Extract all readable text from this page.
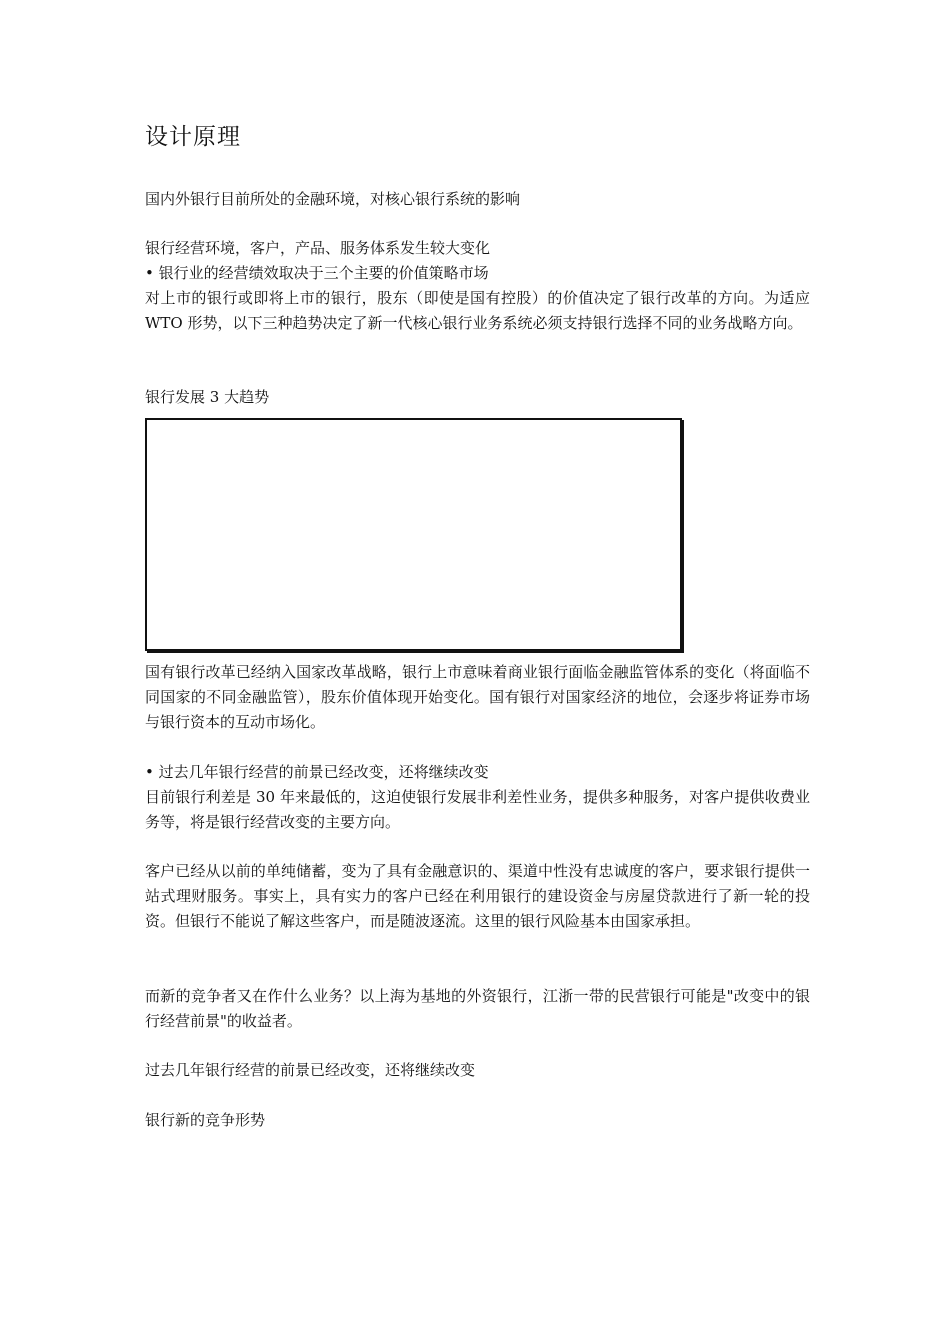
设计原理

国内外银行目前所处的金融环境，对核心银行系统的影响

银行经营环境，客户，产品、服务体系发生较大变化

• 银行业的经营绩效取决于三个主要的价值策略市场

对上市的银行或即将上市的银行，股东（即使是国有控股）的价值决定了银行改革的方向。为适应 WTO 形势，以下三种趋势决定了新一代核心银行业务系统必须支持银行选择不同的业务战略方向。

银行发展 3 大趋势

国有银行改革已经纳入国家改革战略，银行上市意味着商业银行面临金融监管体系的变化（将面临不同国家的不同金融监管），股东价值体现开始变化。国有银行对国家经济的地位，会逐步将证券市场与银行资本的互动市场化。

• 过去几年银行经营的前景已经改变，还将继续改变

目前银行利差是 30 年来最低的，这迫使银行发展非利差性业务，提供多种服务，对客户提供收费业务等，将是银行经营改变的主要方向。

客户已经从以前的单纯储蓄，变为了具有金融意识的、渠道中性没有忠诚度的客户，要求银行提供一站式理财服务。事实上，具有实力的客户已经在利用银行的建设资金与房屋贷款进行了新一轮的投资。但银行不能说了解这些客户，而是随波逐流。这里的银行风险基本由国家承担。

而新的竞争者又在作什么业务？以上海为基地的外资银行，江浙一带的民营银行可能是"改变中的银行经营前景"的收益者。

过去几年银行经营的前景已经改变，还将继续改变

银行新的竞争形势
